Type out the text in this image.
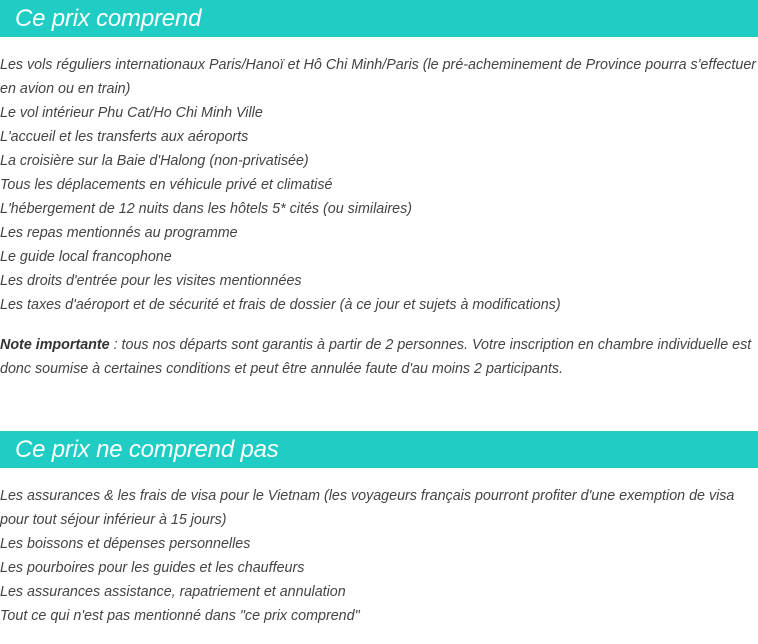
Ce prix comprend
Les vols réguliers internationaux Paris/Hanoï et Hô Chi Minh/Paris (le pré-acheminement de Province pourra s'effectuer en avion ou en train)
Le vol intérieur Phu Cat/Ho Chi Minh Ville
L'accueil et les transferts aux aéroports
La croisière sur la Baie d'Halong (non-privatisée)
Tous les déplacements en véhicule privé et climatisé
L'hébergement de 12 nuits dans les hôtels 5* cités (ou similaires)
Les repas mentionnés au programme
Le guide local francophone
Les droits d'entrée pour les visites mentionnées
Les taxes d'aéroport et de sécurité et frais de dossier (à ce jour et sujets à modifications)

Note importante : tous nos départs sont garantis à partir de 2 personnes. Votre inscription en chambre individuelle est donc soumise à certaines conditions et peut être annulée faute d'au moins 2 participants.

Ce prix ne comprend pas
Les assurances & les frais de visa pour le Vietnam (les voyageurs français pourront profiter d'une exemption de visa pour tout séjour inférieur à 15 jours)
Les boissons et dépenses personnelles
Les pourboires pour les guides et les chauffeurs
Les assurances assistance, rapatriement et annulation
Tout ce qui n'est pas mentionné dans "ce prix comprend"
